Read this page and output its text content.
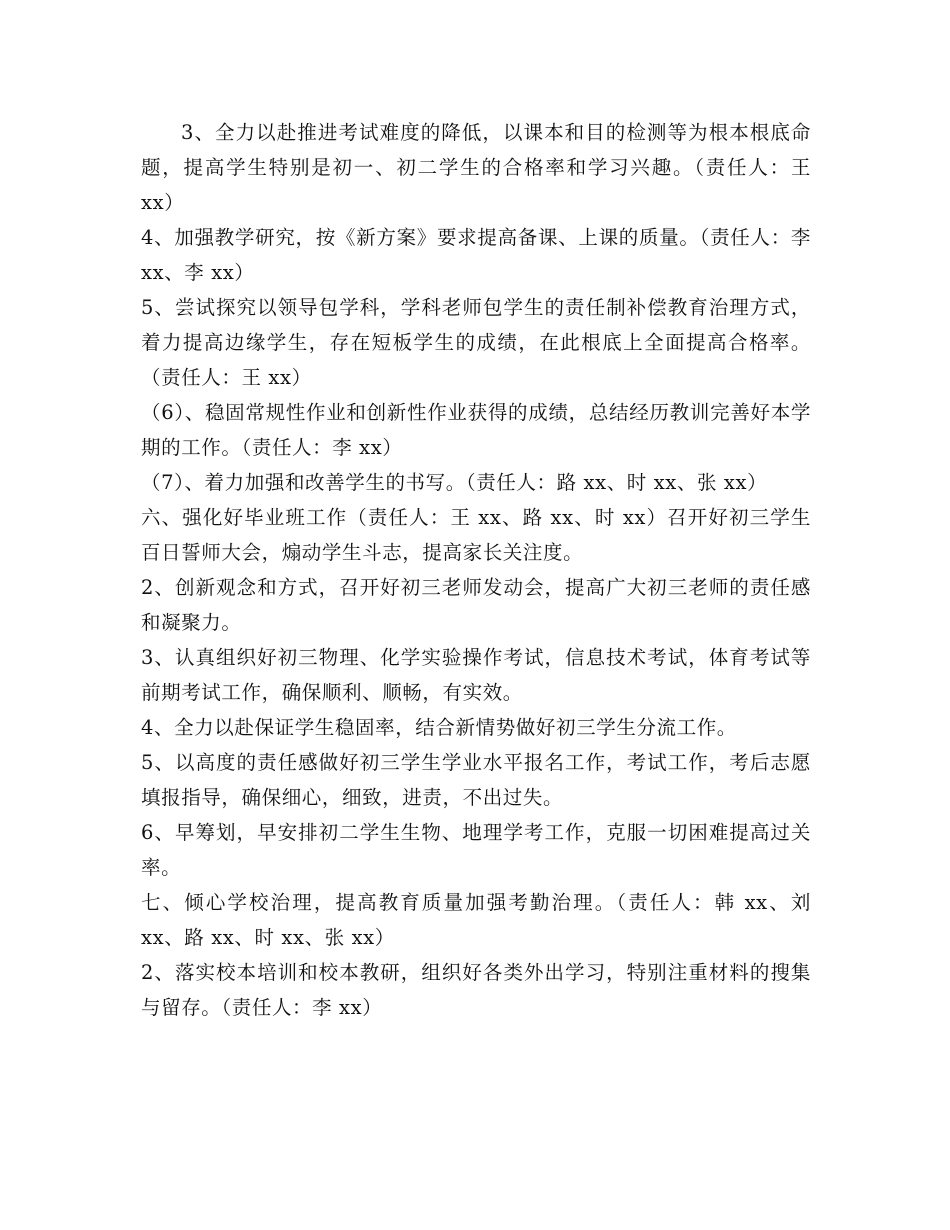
3、全力以赴推进考试难度的降低，以课本和目的检测等为根本根底命题，提高学生特别是初一、初二学生的合格率和学习兴趣。（责任人：王 xx）

4、加强教学研究，按《新方案》要求提高备课、上课的质量。（责任人：李 xx、李 xx）

5、尝试探究以领导包学科，学科老师包学生的责任制补偿教育治理方式，着力提高边缘学生，存在短板学生的成绩，在此根底上全面提高合格率。（责任人：王 xx）

（6）、稳固常规性作业和创新性作业获得的成绩，总结经历教训完善好本学期的工作。（责任人：李 xx）

（7）、着力加强和改善学生的书写。（责任人：路 xx、时 xx、张 xx）

六、强化好毕业班工作（责任人：王 xx、路 xx、时 xx）召开好初三学生百日誓师大会，煽动学生斗志，提高家长关注度。

2、创新观念和方式，召开好初三老师发动会，提高广大初三老师的责任感和凝聚力。

3、认真组织好初三物理、化学实验操作考试，信息技术考试，体育考试等前期考试工作，确保顺利、顺畅，有实效。

4、全力以赴保证学生稳固率，结合新情势做好初三学生分流工作。

5、以高度的责任感做好初三学生学业水平报名工作，考试工作，考后志愿填报指导，确保细心，细致，进责，不出过失。

6、早筹划，早安排初二学生生物、地理学考工作，克服一切困难提高过关率。

七、倾心学校治理，提高教育质量加强考勤治理。（责任人：韩 xx、刘 xx、路 xx、时 xx、张 xx）

2、落实校本培训和校本教研，组织好各类外出学习，特别注重材料的搜集与留存。（责任人：李 xx）
